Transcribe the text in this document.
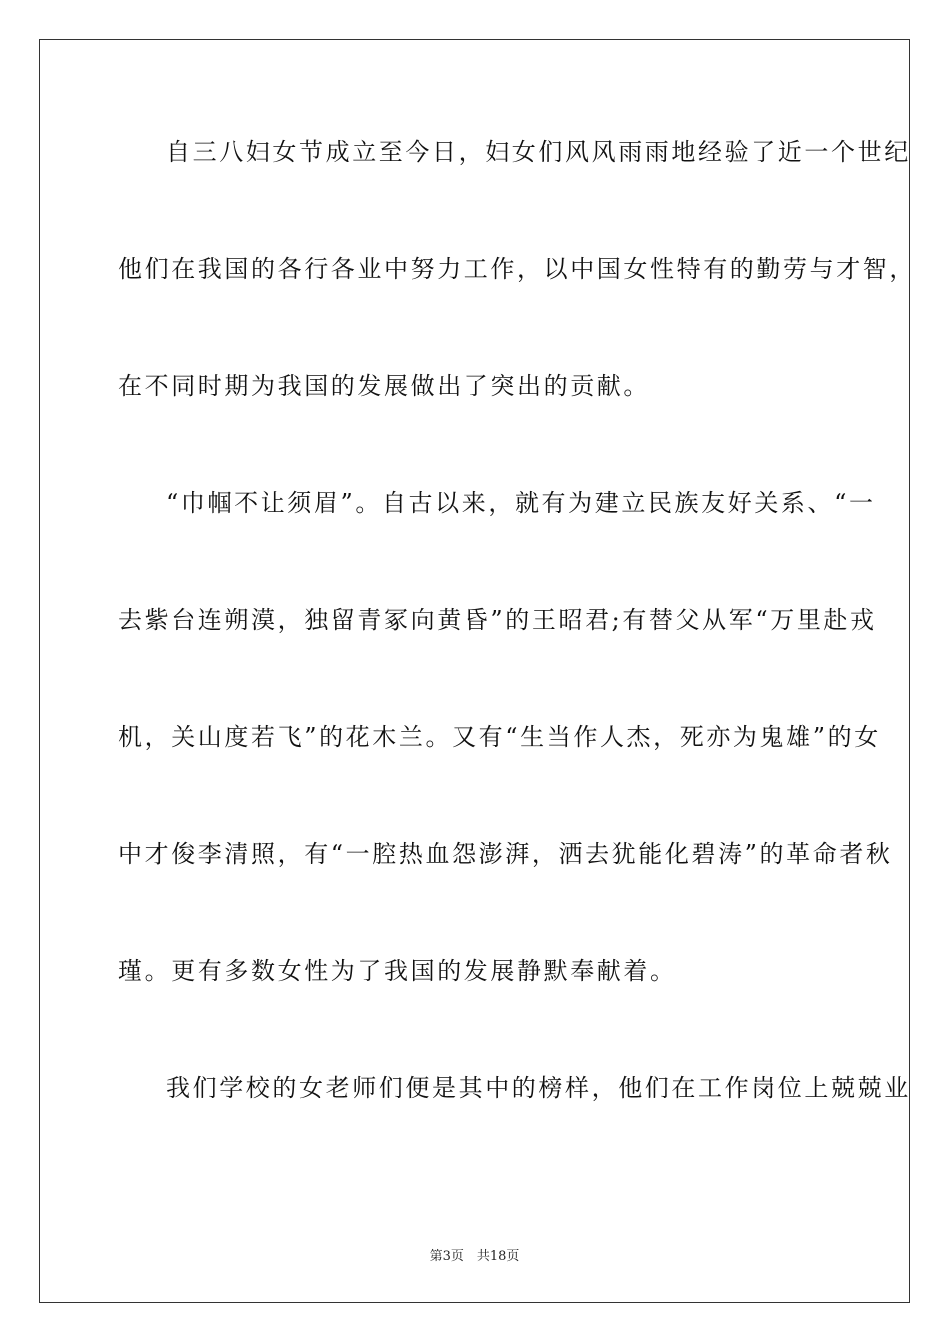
自三八妇女节成立至今日，妇女们风风雨雨地经验了近一个世纪
他们在我国的各行各业中努力工作，以中国女性特有的勤劳与才智，
在不同时期为我国的发展做出了突出的贡献。
“巾帼不让须眉”。自古以来，就有为建立民族友好关系、“一
去紫台连朔漠，独留青冢向黄昏”的王昭君;有替父从军“万里赴戎
机，关山度若飞”的花木兰。又有“生当作人杰，死亦为鬼雄”的女
中才俊李清照，有“一腔热血怨澎湃，洒去犹能化碧涛”的革命者秋
瑾。更有多数女性为了我国的发展静默奉献着。
我们学校的女老师们便是其中的榜样，他们在工作岗位上兢兢业
第3页　共18页
